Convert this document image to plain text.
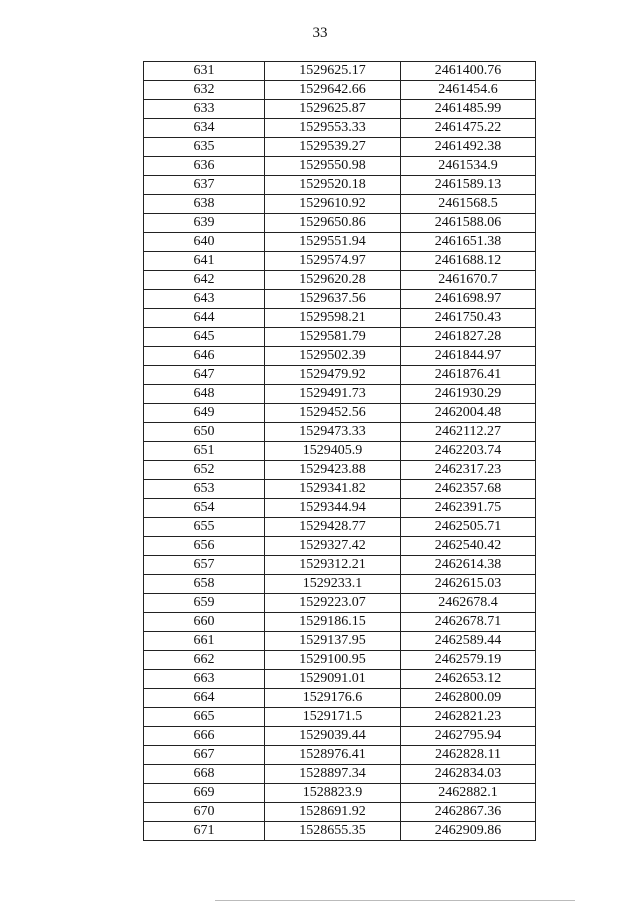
33
631	1529625.17	2461400.76
632	1529642.66	2461454.6
633	1529625.87	2461485.99
634	1529553.33	2461475.22
635	1529539.27	2461492.38
636	1529550.98	2461534.9
637	1529520.18	2461589.13
638	1529610.92	2461568.5
639	1529650.86	2461588.06
640	1529551.94	2461651.38
641	1529574.97	2461688.12
642	1529620.28	2461670.7
643	1529637.56	2461698.97
644	1529598.21	2461750.43
645	1529581.79	2461827.28
646	1529502.39	2461844.97
647	1529479.92	2461876.41
648	1529491.73	2461930.29
649	1529452.56	2462004.48
650	1529473.33	2462112.27
651	1529405.9	2462203.74
652	1529423.88	2462317.23
653	1529341.82	2462357.68
654	1529344.94	2462391.75
655	1529428.77	2462505.71
656	1529327.42	2462540.42
657	1529312.21	2462614.38
658	1529233.1	2462615.03
659	1529223.07	2462678.4
660	1529186.15	2462678.71
661	1529137.95	2462589.44
662	1529100.95	2462579.19
663	1529091.01	2462653.12
664	1529176.6	2462800.09
665	1529171.5	2462821.23
666	1529039.44	2462795.94
667	1528976.41	2462828.11
668	1528897.34	2462834.03
669	1528823.9	2462882.1
670	1528691.92	2462867.36
671	1528655.35	2462909.86
